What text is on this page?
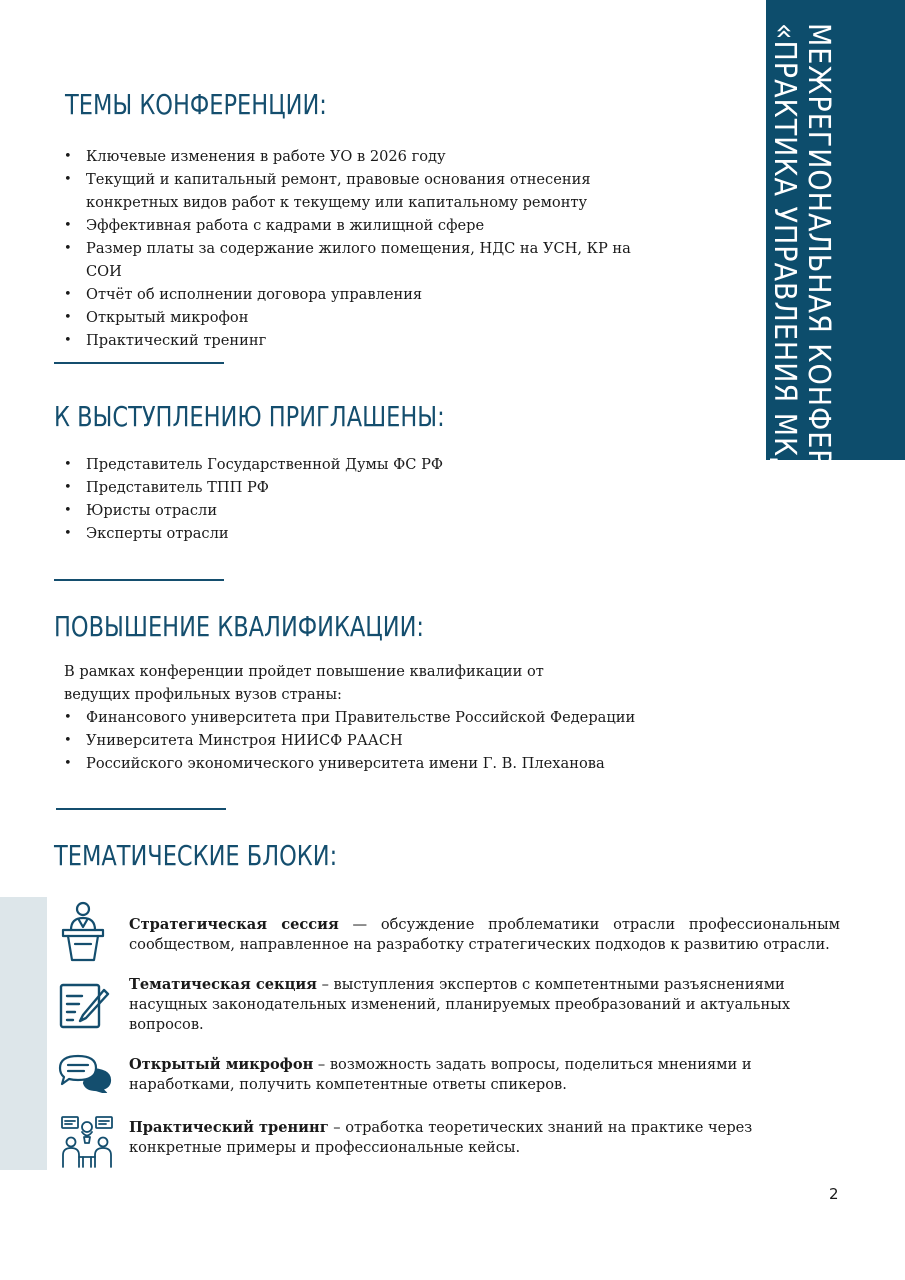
МЕЖРЕГИОНАЛЬНАЯ КОНФЕРЕНЦИЯ
«ПРАКТИКА УПРАВЛЕНИЯ МКД»
ТЕМЫ КОНФЕРЕНЦИИ:
• Ключевые изменения в работе УО в 2026 году
• Текущий и капитальный ремонт, правовые основания отнесения конкретных видов работ к текущему или капитальному ремонту
• Эффективная работа с кадрами в жилищной сфере
• Размер платы за содержание жилого помещения, НДС на УСН, КР на СОИ
• Отчёт об исполнении договора управления
• Открытый микрофон
• Практический тренинг
К ВЫСТУПЛЕНИЮ ПРИГЛАШЕНЫ:
• Представитель Государственной Думы ФС РФ
• Представитель ТПП РФ
• Юристы отрасли
• Эксперты отрасли
ПОВЫШЕНИЕ КВАЛИФИКАЦИИ:
В рамках конференции пройдет повышение квалификации от ведущих профильных вузов страны:
• Финансового университета при Правительстве Российской Федерации
• Университета Минстроя НИИСФ РААСН
• Российского экономического университета имени Г. В. Плеханова
ТЕМАТИЧЕСКИЕ БЛОКИ:
Стратегическая сессия — обсуждение проблематики отрасли профессиональным сообществом, направленное на разработку стратегических подходов к развитию отрасли.
Тематическая секция – выступления экспертов с компетентными разъяснениями насущных законодательных изменений, планируемых преобразований и актуальных вопросов.
Открытый микрофон – возможность задать вопросы, поделиться мнениями и наработками, получить компетентные ответы спикеров.
Практический тренинг – отработка теоретических знаний на практике через конкретные примеры и профессиональные кейсы.
2
